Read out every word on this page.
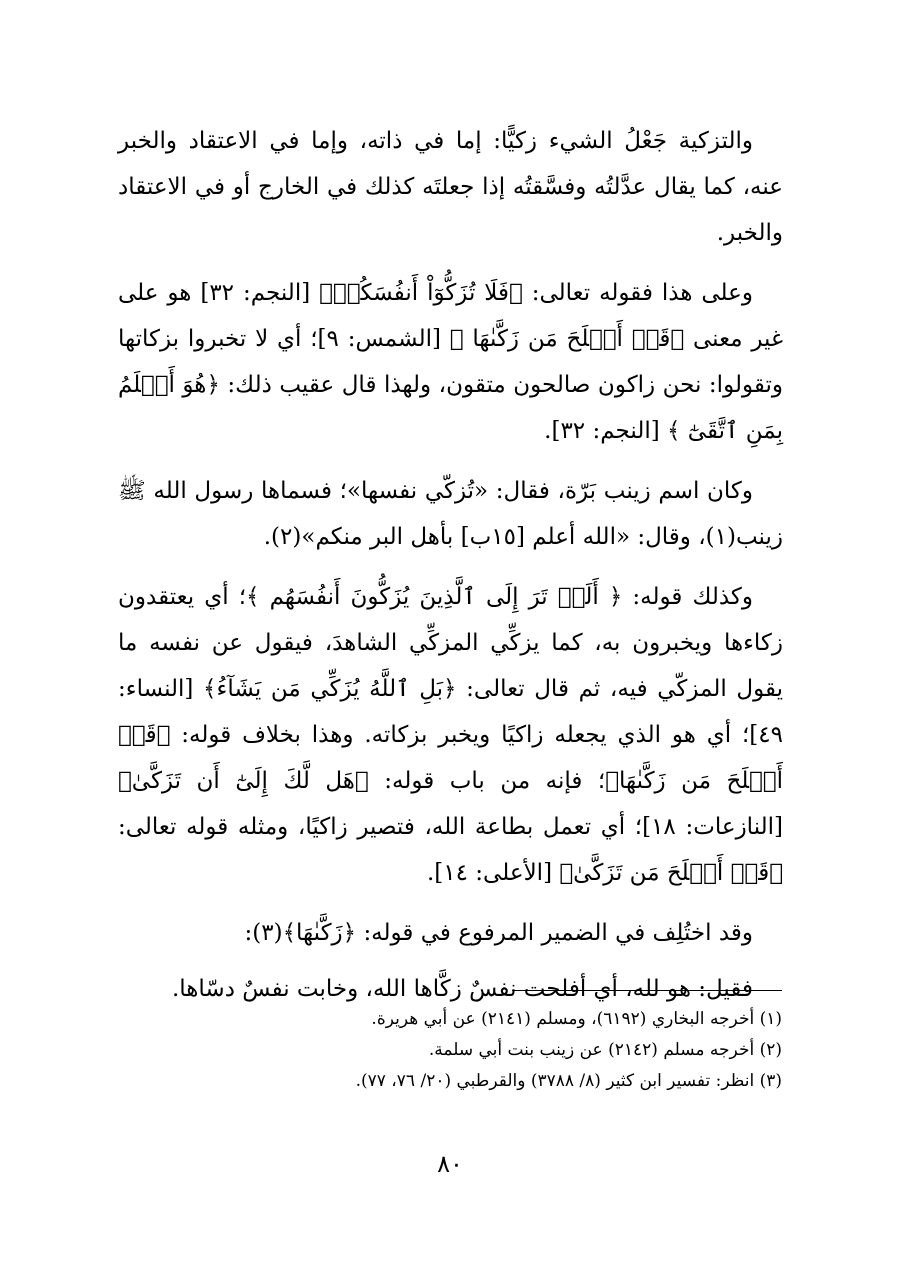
والتزكية جَعْلُ الشيء زكيًّا: إما في ذاته، وإما في الاعتقاد والخبر عنه، كما يقال عدَّلتُه وفسَّقتُه إذا جعلتَه كذلك في الخارج أو في الاعتقاد والخبر.

وعلى هذا فقوله تعالى: ﴿فَلَا تُزَكُّوٓاْ أَنفُسَكُمۡ﴾ [النجم: ٣٢] هو على غير معنى ﴿قَدۡ أَفۡلَحَ مَن زَكَّىٰهَا ﴾ [الشمس: ٩]؛ أي لا تخبروا بزكاتها وتقولوا: نحن زاكون صالحون متقون، ولهذا قال عقيب ذلك: ﴿هُوَ أَعۡلَمُ بِمَنِ ٱتَّقَىٰٓ ﴾ [النجم: ٣٢].

وكان اسم زينب بَرّة، فقال: «تُزكّي نفسها»؛ فسماها رسول الله ﷺ زينب(١)، وقال: «الله أعلم [١٥ب] بأهل البر منكم»(٢).

وكذلك قوله: ﴿ أَلَمۡ تَرَ إِلَى ٱلَّذِينَ يُزَكُّونَ أَنفُسَهُم ﴾؛ أي يعتقدون زكاءها ويخبرون به، كما يزكِّي المزكِّي الشاهدَ، فيقول عن نفسه ما يقول المزكّي فيه، ثم قال تعالى: ﴿بَلِ ٱللَّهُ يُزَكِّي مَن يَشَآءُ﴾ [النساء: ٤٩]؛ أي هو الذي يجعله زاكيًا ويخبر بزكاته. وهذا بخلاف قوله: ﴿قَدۡ أَفۡلَحَ مَن زَكَّىٰهَا﴾؛ فإنه من باب قوله: ﴿هَل لَّكَ إِلَىٰٓ أَن تَزَكَّىٰ﴾ [النازعات: ١٨]؛ أي تعمل بطاعة الله، فتصير زاكيًا، ومثله قوله تعالى: ﴿قَدۡ أَفۡلَحَ مَن تَزَكَّىٰ﴾ [الأعلى: ١٤].

وقد اختُلِف في الضمير المرفوع في قوله: ﴿زَكَّىٰهَا﴾(٣):

فقيل: هو لله، أي أفلحت نفسٌ زكَّاها الله، وخابت نفسٌ دسّاها.

(١) أخرجه البخاري (٦١٩٢)، ومسلم (٢١٤١) عن أبي هريرة.

(٢) أخرجه مسلم (٢١٤٢) عن زينب بنت أبي سلمة.

(٣) انظر: تفسير ابن كثير (٨/ ٣٧٨٨) والقرطبي (٢٠/ ٧٦، ٧٧).

٨٠
